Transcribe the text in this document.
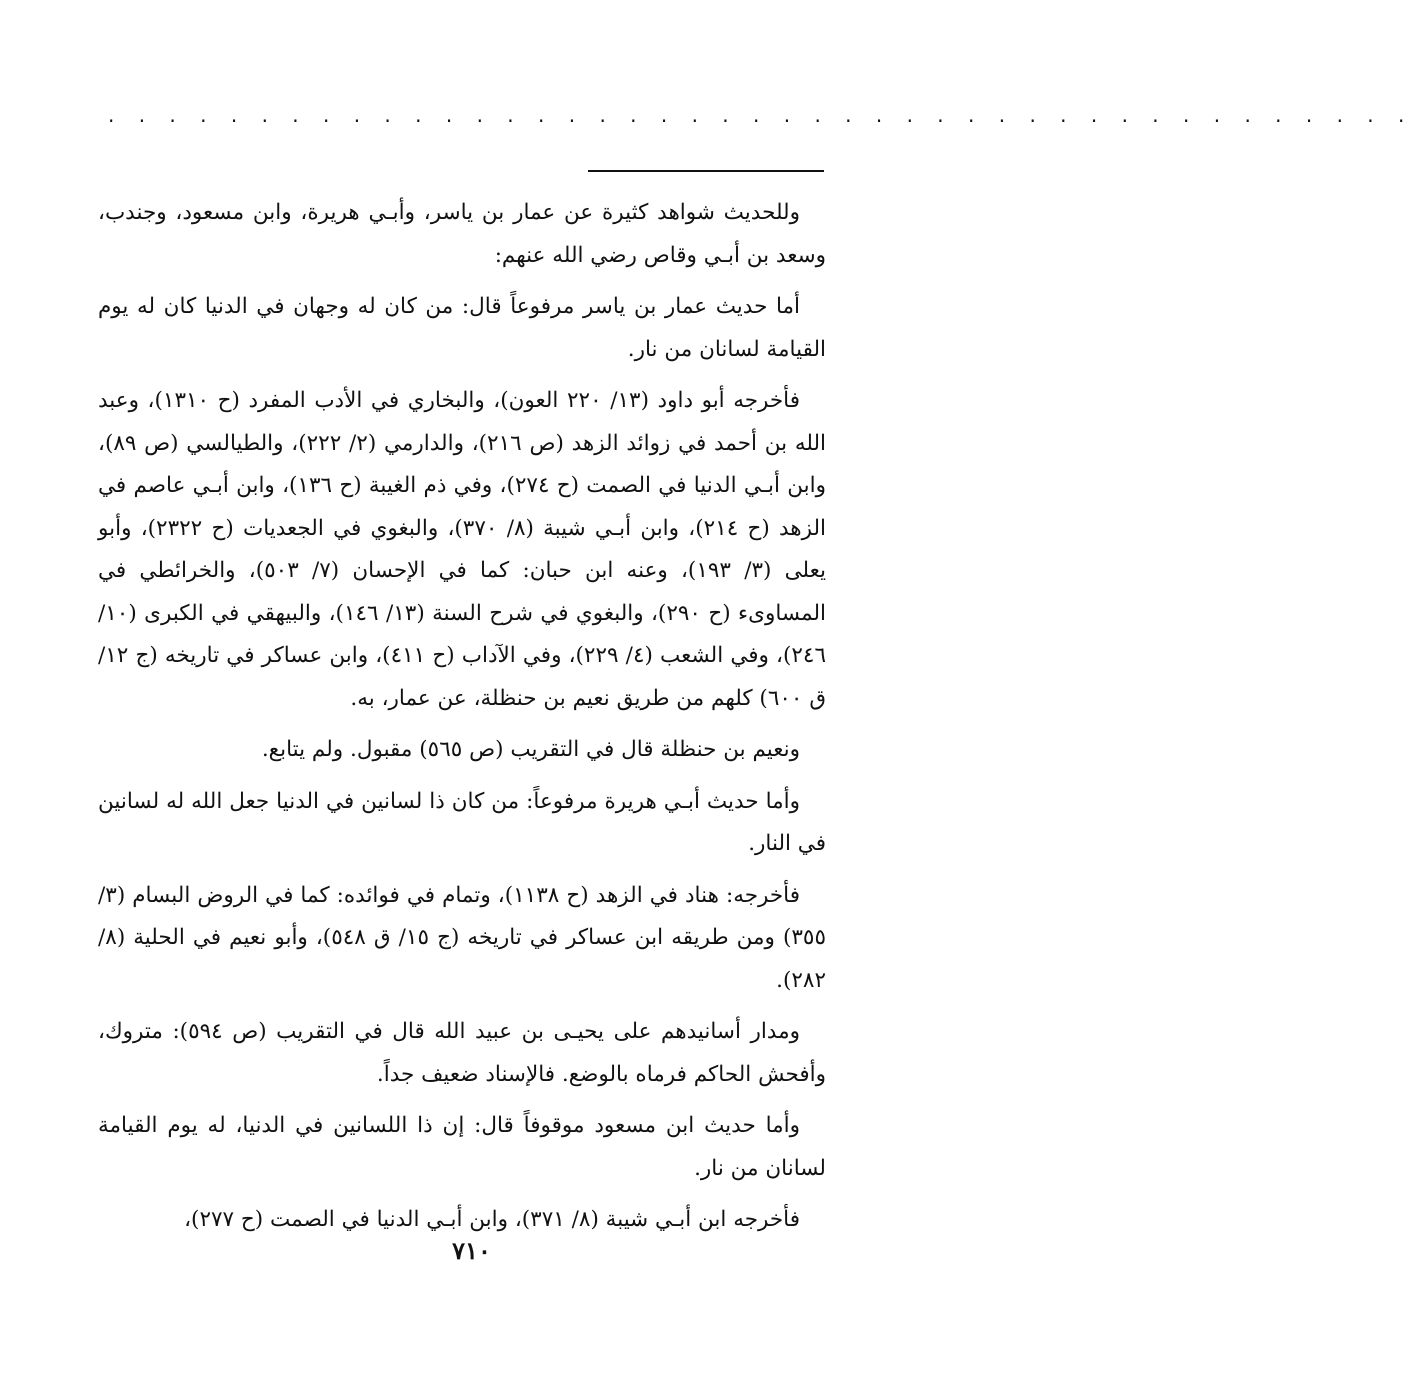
. . . . . . . . . . . . . . . . . . . . . . . . . . . . . . . . . . . . . . . . . . .

وللحديث شواهد كثيرة عن عمار بن ياسر، وأبـي هريرة، وابن مسعود، وجندب، وسعد بن أبـي وقاص رضي الله عنهم:

أما حديث عمار بن ياسر مرفوعاً قال: من كان له وجهان في الدنيا كان له يوم القيامة لسانان من نار.

فأخرجه أبو داود (١٣/ ٢٢٠ العون)، والبخاري في الأدب المفرد (ح ١٣١٠)، وعبد الله بن أحمد في زوائد الزهد (ص ٢١٦)، والدارمي (٢/ ٢٢٢)، والطيالسي (ص ٨٩)، وابن أبـي الدنيا في الصمت (ح ٢٧٤)، وفي ذم الغيبة (ح ١٣٦)، وابن أبـي عاصم في الزهد (ح ٢١٤)، وابن أبـي شيبة (٨/ ٣٧٠)، والبغوي في الجعديات (ح ٢٣٢٢)، وأبو يعلى (٣/ ١٩٣)، وعنه ابن حبان: كما في الإحسان (٧/ ٥٠٣)، والخرائطي في المساوىء (ح ٢٩٠)، والبغوي في شرح السنة (١٣/ ١٤٦)، والبيهقي في الكبرى (١٠/ ٢٤٦)، وفي الشعب (٤/ ٢٢٩)، وفي الآداب (ح ٤١١)، وابن عساكر في تاريخه (ج ١٢/ ق ٦٠٠) كلهم من طريق نعيم بن حنظلة، عن عمار، به.

ونعيم بن حنظلة قال في التقريب (ص ٥٦٥) مقبول. ولم يتابع.

وأما حديث أبـي هريرة مرفوعاً: من كان ذا لسانين في الدنيا جعل الله له لسانين في النار.

فأخرجه: هناد في الزهد (ح ١١٣٨)، وتمام في فوائده: كما في الروض البسام (٣/ ٣٥٥) ومن طريقه ابن عساكر في تاريخه (ج ١٥/ ق ٥٤٨)، وأبو نعيم في الحلية (٨/ ٢٨٢).

ومدار أسانيدهم على يحيـى بن عبيد الله قال في التقريب (ص ٥٩٤): متروك، وأفحش الحاكم فرماه بالوضع. فالإسناد ضعيف جداً.

وأما حديث ابن مسعود موقوفاً قال: إن ذا اللسانين في الدنيا، له يوم القيامة لسانان من نار.

فأخرجه ابن أبـي شيبة (٨/ ٣٧١)، وابن أبـي الدنيا في الصمت (ح ٢٧٧)،

٧١٠
